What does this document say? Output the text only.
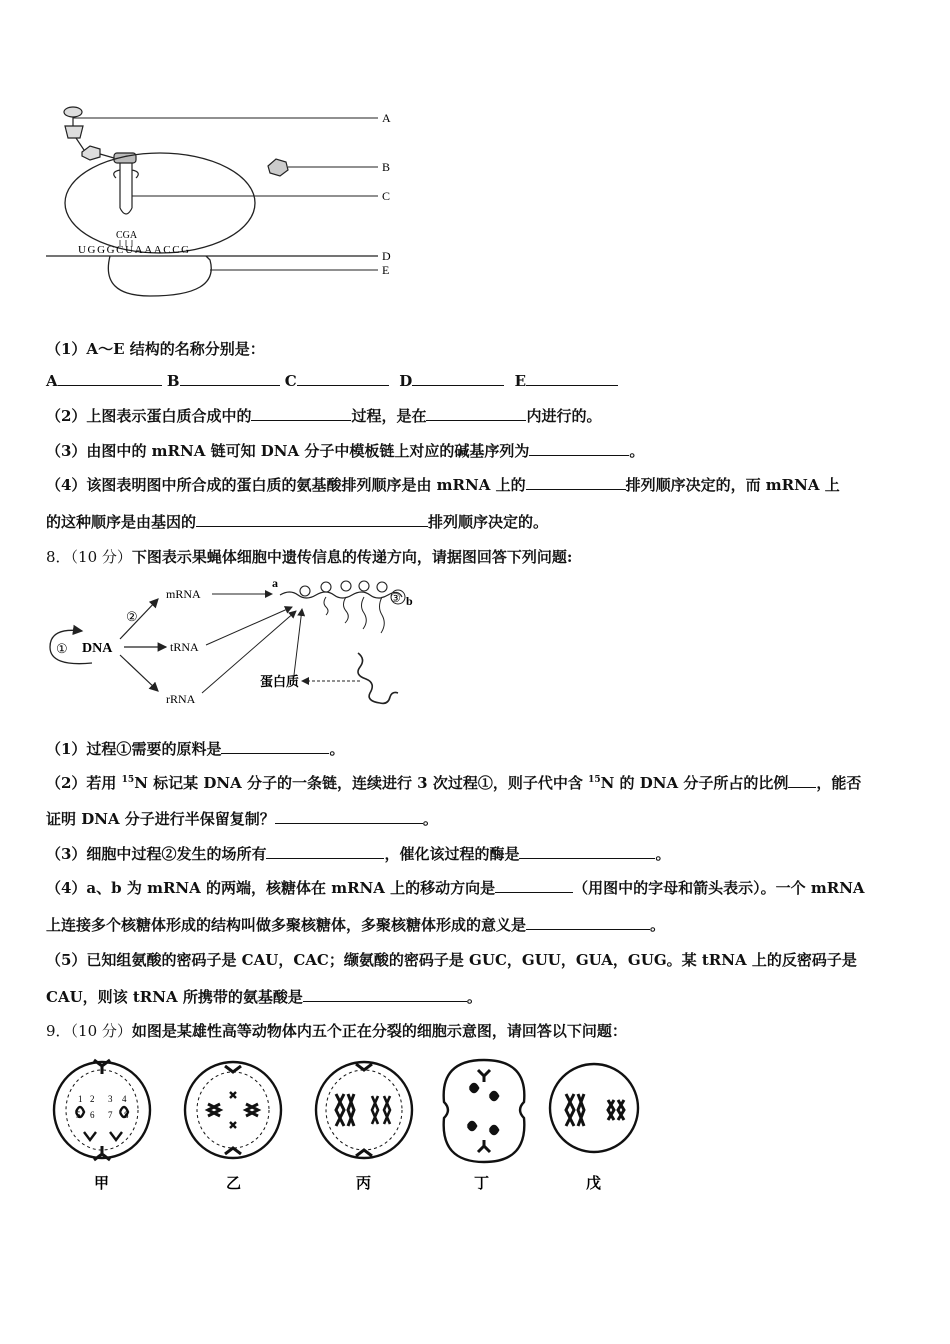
CGA
UGGGCUAAACCG
A
B
C
D
E
（1）A～E 结构的名称分别是：
A	B	C	D	E
（2）上图表示蛋白质合成中的	过程，是在	内进行的。
（3）由图中的 mRNA 链可知 DNA 分子中模板链上对应的碱基序列为	。
（4）该图表明图中所合成的蛋白质的氨基酸排列顺序是由 mRNA 上的	排列顺序决定的，而 mRNA 上
的这种顺序是由基因的	排列顺序决定的。
8．（10 分）下图表示果蝇体细胞中遗传信息的传递方向，请据图回答下列问题:
① DNA
②
mRNA
tRNA
rRNA
a
③ b
蛋白质
（1）过程①需要的原料是	。
（2）若用 $^{15}$N 标记某 DNA 分子的一条链，连续进行 3 次过程①，则子代中含 $^{15}$N 的 DNA 分子所占的比例 ，能否
证明 DNA 分子进行半保留复制？	。
（3）细胞中过程②发生的场所有	，催化该过程的酶是	。
（4）a、b 为 mRNA 的两端，核糖体在 mRNA 上的移动方向是	（用图中的字母和箭头表示）。一个 mRNA
上连接多个核糖体形成的结构叫做多聚核糖体，多聚核糖体形成的意义是	。
（5）已知组氨酸的密码子是 CAU，CAC；缬氨酸的密码子是 GUC，GUU，GUA，GUG。某 tRNA 上的反密码子是
CAU，则该 tRNA 所携带的氨基酸是	。
9．（10 分）如图是某雄性高等动物体内五个正在分裂的细胞示意图，请回答以下问题：
1 2 3 4
5 6 7 8
甲	乙	丙	丁	戊
